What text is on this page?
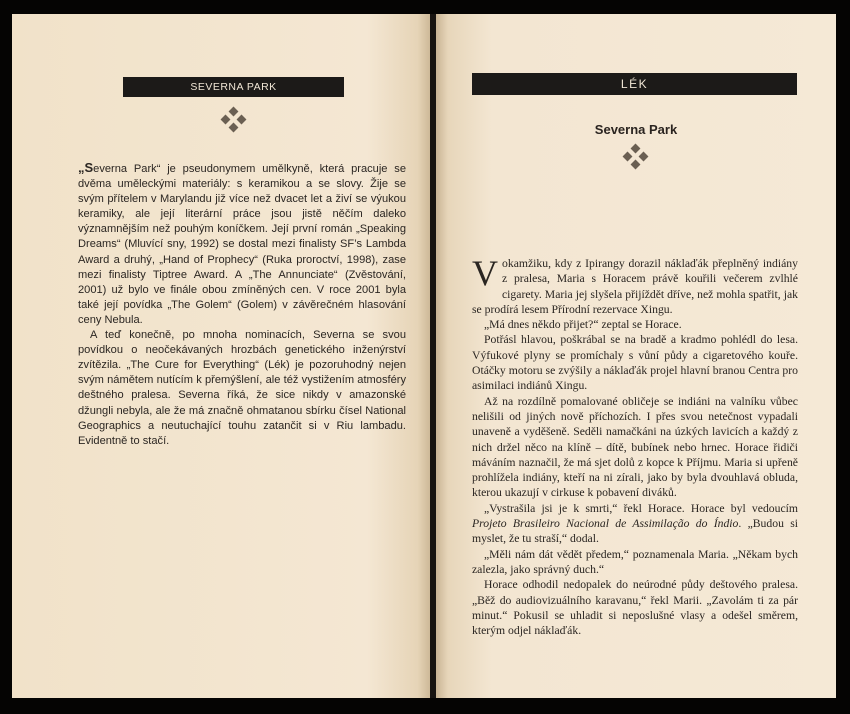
SEVERNA PARK

„Severna Park“ je pseudonymem umělkyně, která pracuje se dvěma uměleckými materiály: s keramikou a se slovy. Žije se svým přítelem v Marylandu již více než dvacet let a živí se výukou keramiky, ale její literární práce jsou jistě něčím daleko významnějším než pouhým koníčkem. Její první román „Speaking Dreams“ (Mluvící sny, 1992) se dostal mezi finalisty SF’s Lambda Award a druhý, „Hand of Prophecy“ (Ruka proroctví, 1998), zase mezi finalisty Tiptree Award. A „The Annunciate“ (Zvěstování, 2001) už bylo ve finále obou zmíněných cen. V roce 2001 byla také její povídka „The Golem“ (Golem) v závěrečném hlasování ceny Nebula.

A teď konečně, po mnoha nominacích, Severna se svou povídkou o neočekávaných hrozbách genetického inženýrství zvítězila. „The Cure for Everything“ (Lék) je pozoruhodný nejen svým námětem nutícím k přemýšlení, ale též vystižením atmosféry deštného pralesa. Severna říká, že sice nikdy v amazonské džungli nebyla, ale že má značně ohmatanou sbírku čísel National Geographics a neutuchající touhu zatančit si v Riu lambadu. Evidentně to stačí.

LÉK
Severna Park

Vokamžiku, kdy z Ipirangy dorazil náklaďák přeplněný indiány z pralesa, Maria s Horacem právě kouřili večerem zvlhlé cigarety. Maria jej slyšela přijíždět dříve, než mohla spatřit, jak se prodírá lesem Přírodní rezervace Xingu.

„Má dnes někdo přijet?“ zeptal se Horace.

Potřásl hlavou, poškrábal se na bradě a kradmo pohlédl do lesa. Výfukové plyny se promíchaly s vůní půdy a cigaretového kouře. Otáčky motoru se zvýšily a náklaďák projel hlavní branou Centra pro asimilaci indiánů Xingu.

Až na rozdílně pomalované obličeje se indiáni na valníku vůbec nelišili od jiných nově příchozích. I přes svou netečnost vypadali unaveně a vyděšeně. Seděli namačkáni na úzkých lavicích a každý z nich držel něco na klíně – dítě, bubínek nebo hrnec. Horace řidiči máváním naznačil, že má sjet dolů z kopce k Příjmu. Maria si upřeně prohlížela indiány, kteří na ni zírali, jako by byla dvouhlavá obluda, kterou ukazují v cirkuse k pobavení diváků.

„Vystrašila jsi je k smrti,“ řekl Horace. Horace byl vedoucím Projeto Brasileiro Nacional de Assimilação do Índio. „Budou si myslet, že tu straší,“ dodal.

„Měli nám dát vědět předem,“ poznamenala Maria. „Někam bych zalezla, jako správný duch.“

Horace odhodil nedopalek do neúrodné půdy deštového pralesa. „Běž do audiovizuálního karavanu,“ řekl Marii. „Zavolám ti za pár minut.“ Pokusil se uhladit si neposlušné vlasy a odešel směrem, kterým odjel náklaďák.
